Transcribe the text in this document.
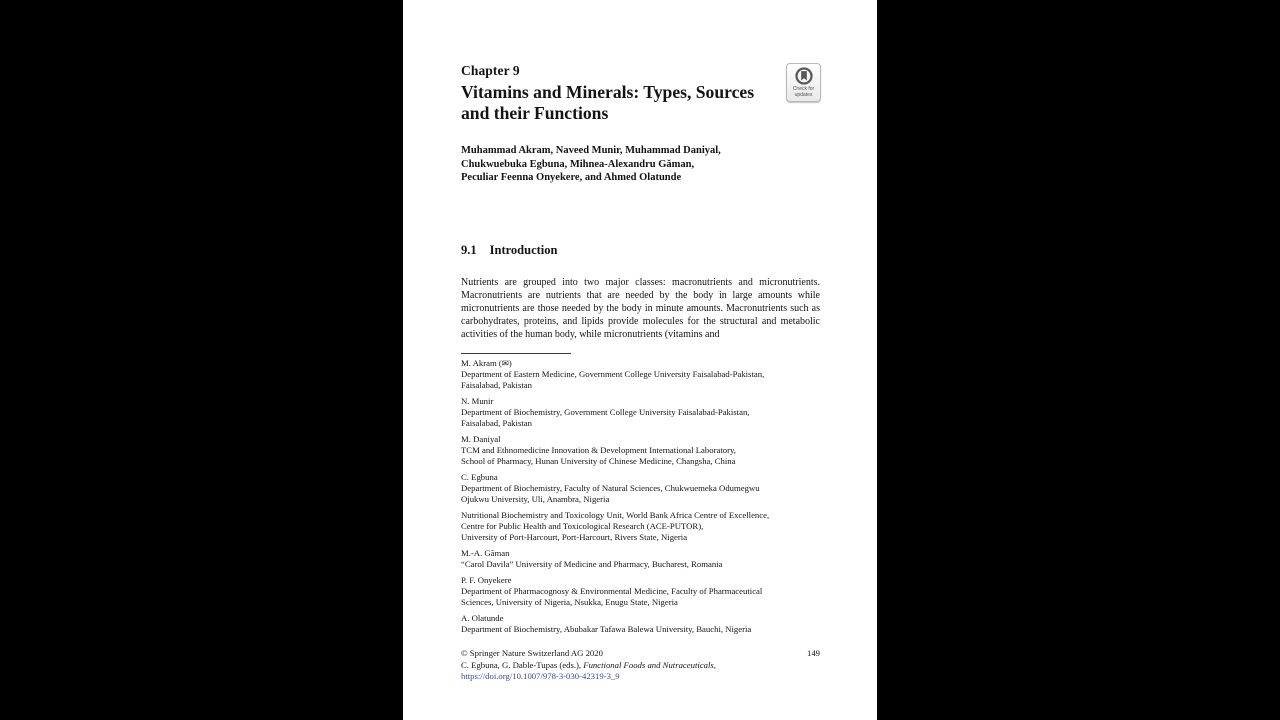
Chapter 9
Vitamins and Minerals: Types, Sources
and their Functions
Check for
updates
Muhammad Akram, Naveed Munir, Muhammad Daniyal,
Chukwuebuka Egbuna, Mihnea-Alexandru Găman,
Peculiar Feenna Onyekere, and Ahmed Olatunde
9.1 Introduction
Nutrients are grouped into two major classes: macronutrients and micronutrients. Macronutrients are nutrients that are needed by the body in large amounts while micronutrients are those needed by the body in minute amounts. Macronutrients such as carbohydrates, proteins, and lipids provide molecules for the structural and metabolic activities of the human body, while micronutrients (vitamins and
M. Akram (✉)
Department of Eastern Medicine, Government College University Faisalabad-Pakistan,
Faisalabad, Pakistan
N. Munir
Department of Biochemistry, Government College University Faisalabad-Pakistan,
Faisalabad, Pakistan
M. Daniyal
TCM and Ethnomedicine Innovation & Development International Laboratory,
School of Pharmacy, Hunan University of Chinese Medicine, Changsha, China
C. Egbuna
Department of Biochemistry, Faculty of Natural Sciences, Chukwuemeka Odumegwu
Ojukwu University, Uli, Anambra, Nigeria
Nutritional Biochemistry and Toxicology Unit, World Bank Africa Centre of Excellence,
Centre for Public Health and Toxicological Research (ACE-PUTOR),
University of Port-Harcourt, Port-Harcourt, Rivers State, Nigeria
M.-A. Găman
“Carol Davila” University of Medicine and Pharmacy, Bucharest, Romania
P. F. Onyekere
Department of Pharmacognosy & Environmental Medicine, Faculty of Pharmaceutical
Sciences, University of Nigeria, Nsukka, Enugu State, Nigeria
A. Olatunde
Department of Biochemistry, Abubakar Tafawa Balewa University, Bauchi, Nigeria
149
© Springer Nature Switzerland AG 2020
C. Egbuna, G. Dable-Tupas (eds.), Functional Foods and Nutraceuticals,
https://doi.org/10.1007/978-3-030-42319-3_9
